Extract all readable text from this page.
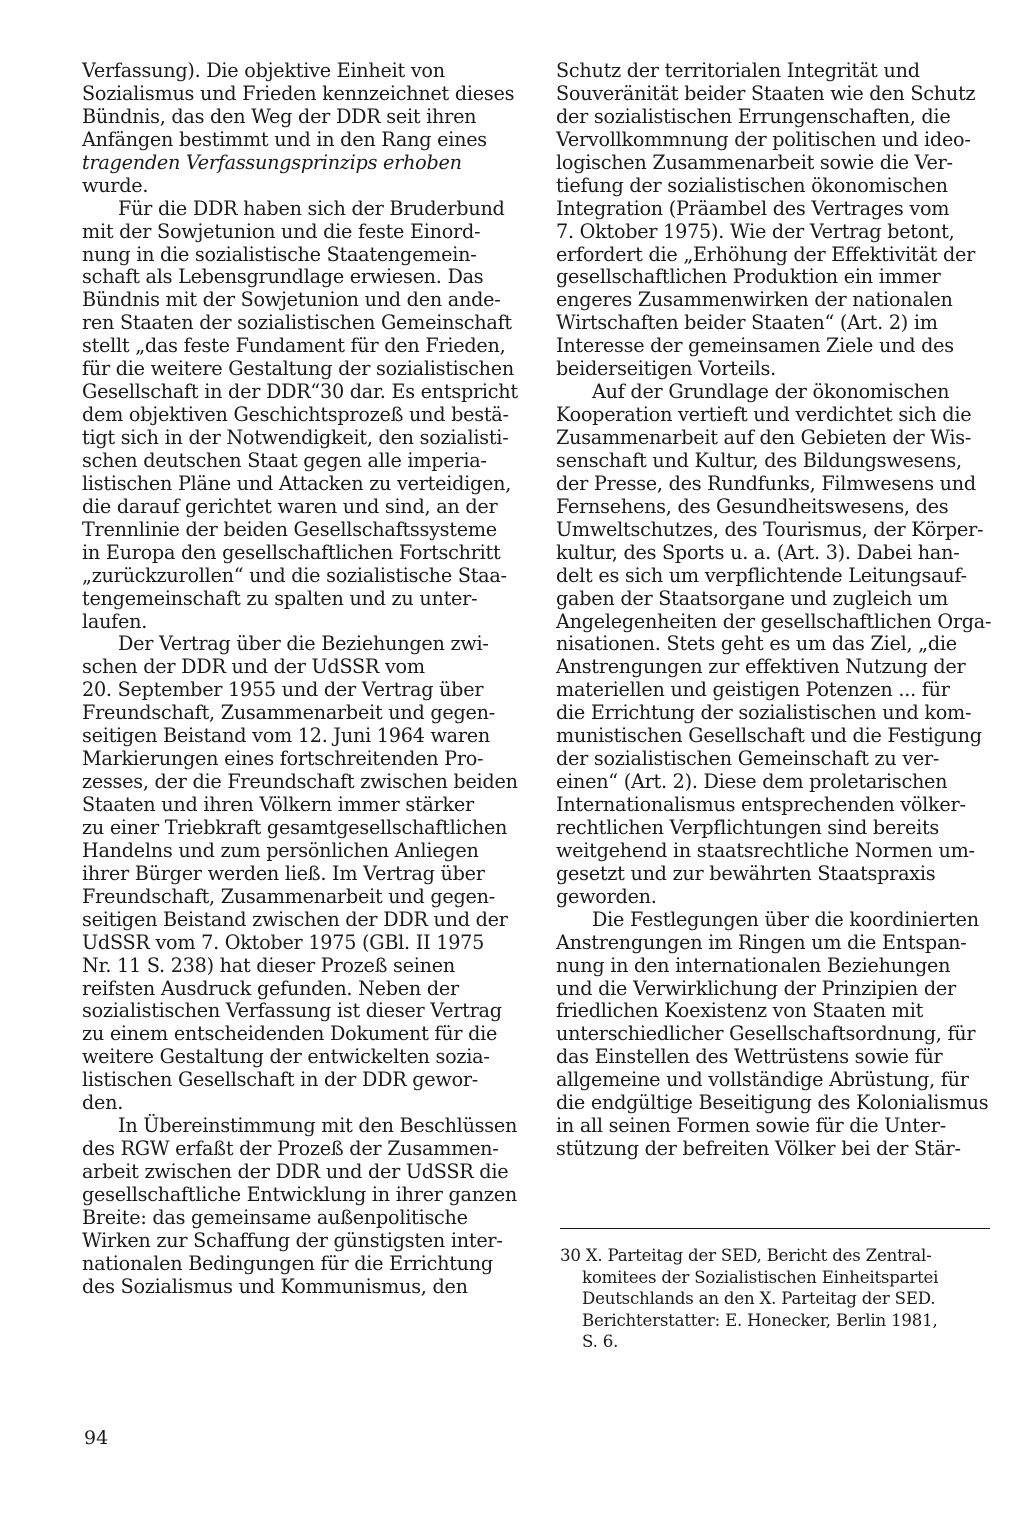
Verfassung). Die objektive Einheit von
Sozialismus und Frieden kennzeichnet dieses
Bündnis, das den Weg der DDR seit ihren
Anfängen bestimmt und in den Rang eines
tragenden Verfassungsprinzips erhoben
wurde.
Für die DDR haben sich der Bruderbund
mit der Sowjetunion und die feste Einord-
nung in die sozialistische Staatengemein-
schaft als Lebensgrundlage erwiesen. Das
Bündnis mit der Sowjetunion und den ande-
ren Staaten der sozialistischen Gemeinschaft
stellt „das feste Fundament für den Frieden,
für die weitere Gestaltung der sozialistischen
Gesellschaft in der DDR“30 dar. Es entspricht
dem objektiven Geschichtsprozeß und bestä-
tigt sich in der Notwendigkeit, den sozialisti-
schen deutschen Staat gegen alle imperia-
listischen Pläne und Attacken zu verteidigen,
die darauf gerichtet waren und sind, an der
Trennlinie der beiden Gesellschaftssysteme
in Europa den gesellschaftlichen Fortschritt
„zurückzurollen“ und die sozialistische Staa-
tengemeinschaft zu spalten und zu unter-
laufen.
Der Vertrag über die Beziehungen zwi-
schen der DDR und der UdSSR vom
20. September 1955 und der Vertrag über
Freundschaft, Zusammenarbeit und gegen-
seitigen Beistand vom 12. Juni 1964 waren
Markierungen eines fortschreitenden Pro-
zesses, der die Freundschaft zwischen beiden
Staaten und ihren Völkern immer stärker
zu einer Triebkraft gesamtgesellschaftlichen
Handelns und zum persönlichen Anliegen
ihrer Bürger werden ließ. Im Vertrag über
Freundschaft, Zusammenarbeit und gegen-
seitigen Beistand zwischen der DDR und der
UdSSR vom 7. Oktober 1975 (GBl. II 1975
Nr. 11 S. 238) hat dieser Prozeß seinen
reifsten Ausdruck gefunden. Neben der
sozialistischen Verfassung ist dieser Vertrag
zu einem entscheidenden Dokument für die
weitere Gestaltung der entwickelten sozia-
listischen Gesellschaft in der DDR gewor-
den.
In Übereinstimmung mit den Beschlüssen
des RGW erfaßt der Prozeß der Zusammen-
arbeit zwischen der DDR und der UdSSR die
gesellschaftliche Entwicklung in ihrer ganzen
Breite: das gemeinsame außenpolitische
Wirken zur Schaffung der günstigsten inter-
nationalen Bedingungen für die Errichtung
des Sozialismus und Kommunismus, den
Schutz der territorialen Integrität und
Souveränität beider Staaten wie den Schutz
der sozialistischen Errungenschaften, die
Vervollkommnung der politischen und ideo-
logischen Zusammenarbeit sowie die Ver-
tiefung der sozialistischen ökonomischen
Integration (Präambel des Vertrages vom
7. Oktober 1975). Wie der Vertrag betont,
erfordert die „Erhöhung der Effektivität der
gesellschaftlichen Produktion ein immer
engeres Zusammenwirken der nationalen
Wirtschaften beider Staaten“ (Art. 2) im
Interesse der gemeinsamen Ziele und des
beiderseitigen Vorteils.
Auf der Grundlage der ökonomischen
Kooperation vertieft und verdichtet sich die
Zusammenarbeit auf den Gebieten der Wis-
senschaft und Kultur, des Bildungswesens,
der Presse, des Rundfunks, Filmwesens und
Fernsehens, des Gesundheitswesens, des
Umweltschutzes, des Tourismus, der Körper-
kultur, des Sports u. a. (Art. 3). Dabei han-
delt es sich um verpflichtende Leitungsauf-
gaben der Staatsorgane und zugleich um
Angelegenheiten der gesellschaftlichen Orga-
nisationen. Stets geht es um das Ziel, „die
Anstrengungen zur effektiven Nutzung der
materiellen und geistigen Potenzen ... für
die Errichtung der sozialistischen und kom-
munistischen Gesellschaft und die Festigung
der sozialistischen Gemeinschaft zu ver-
einen“ (Art. 2). Diese dem proletarischen
Internationalismus entsprechenden völker-
rechtlichen Verpflichtungen sind bereits
weitgehend in staatsrechtliche Normen um-
gesetzt und zur bewährten Staatspraxis
geworden.
Die Festlegungen über die koordinierten
Anstrengungen im Ringen um die Entspan-
nung in den internationalen Beziehungen
und die Verwirklichung der Prinzipien der
friedlichen Koexistenz von Staaten mit
unterschiedlicher Gesellschaftsordnung, für
das Einstellen des Wettrüstens sowie für
allgemeine und vollständige Abrüstung, für
die endgültige Beseitigung des Kolonialismus
in all seinen Formen sowie für die Unter-
stützung der befreiten Völker bei der Stär-
30 X. Parteitag der SED, Bericht des Zentral-
komitees der Sozialistischen Einheitspartei
Deutschlands an den X. Parteitag der SED.
Berichterstatter: E. Honecker, Berlin 1981,
S. 6.
94
